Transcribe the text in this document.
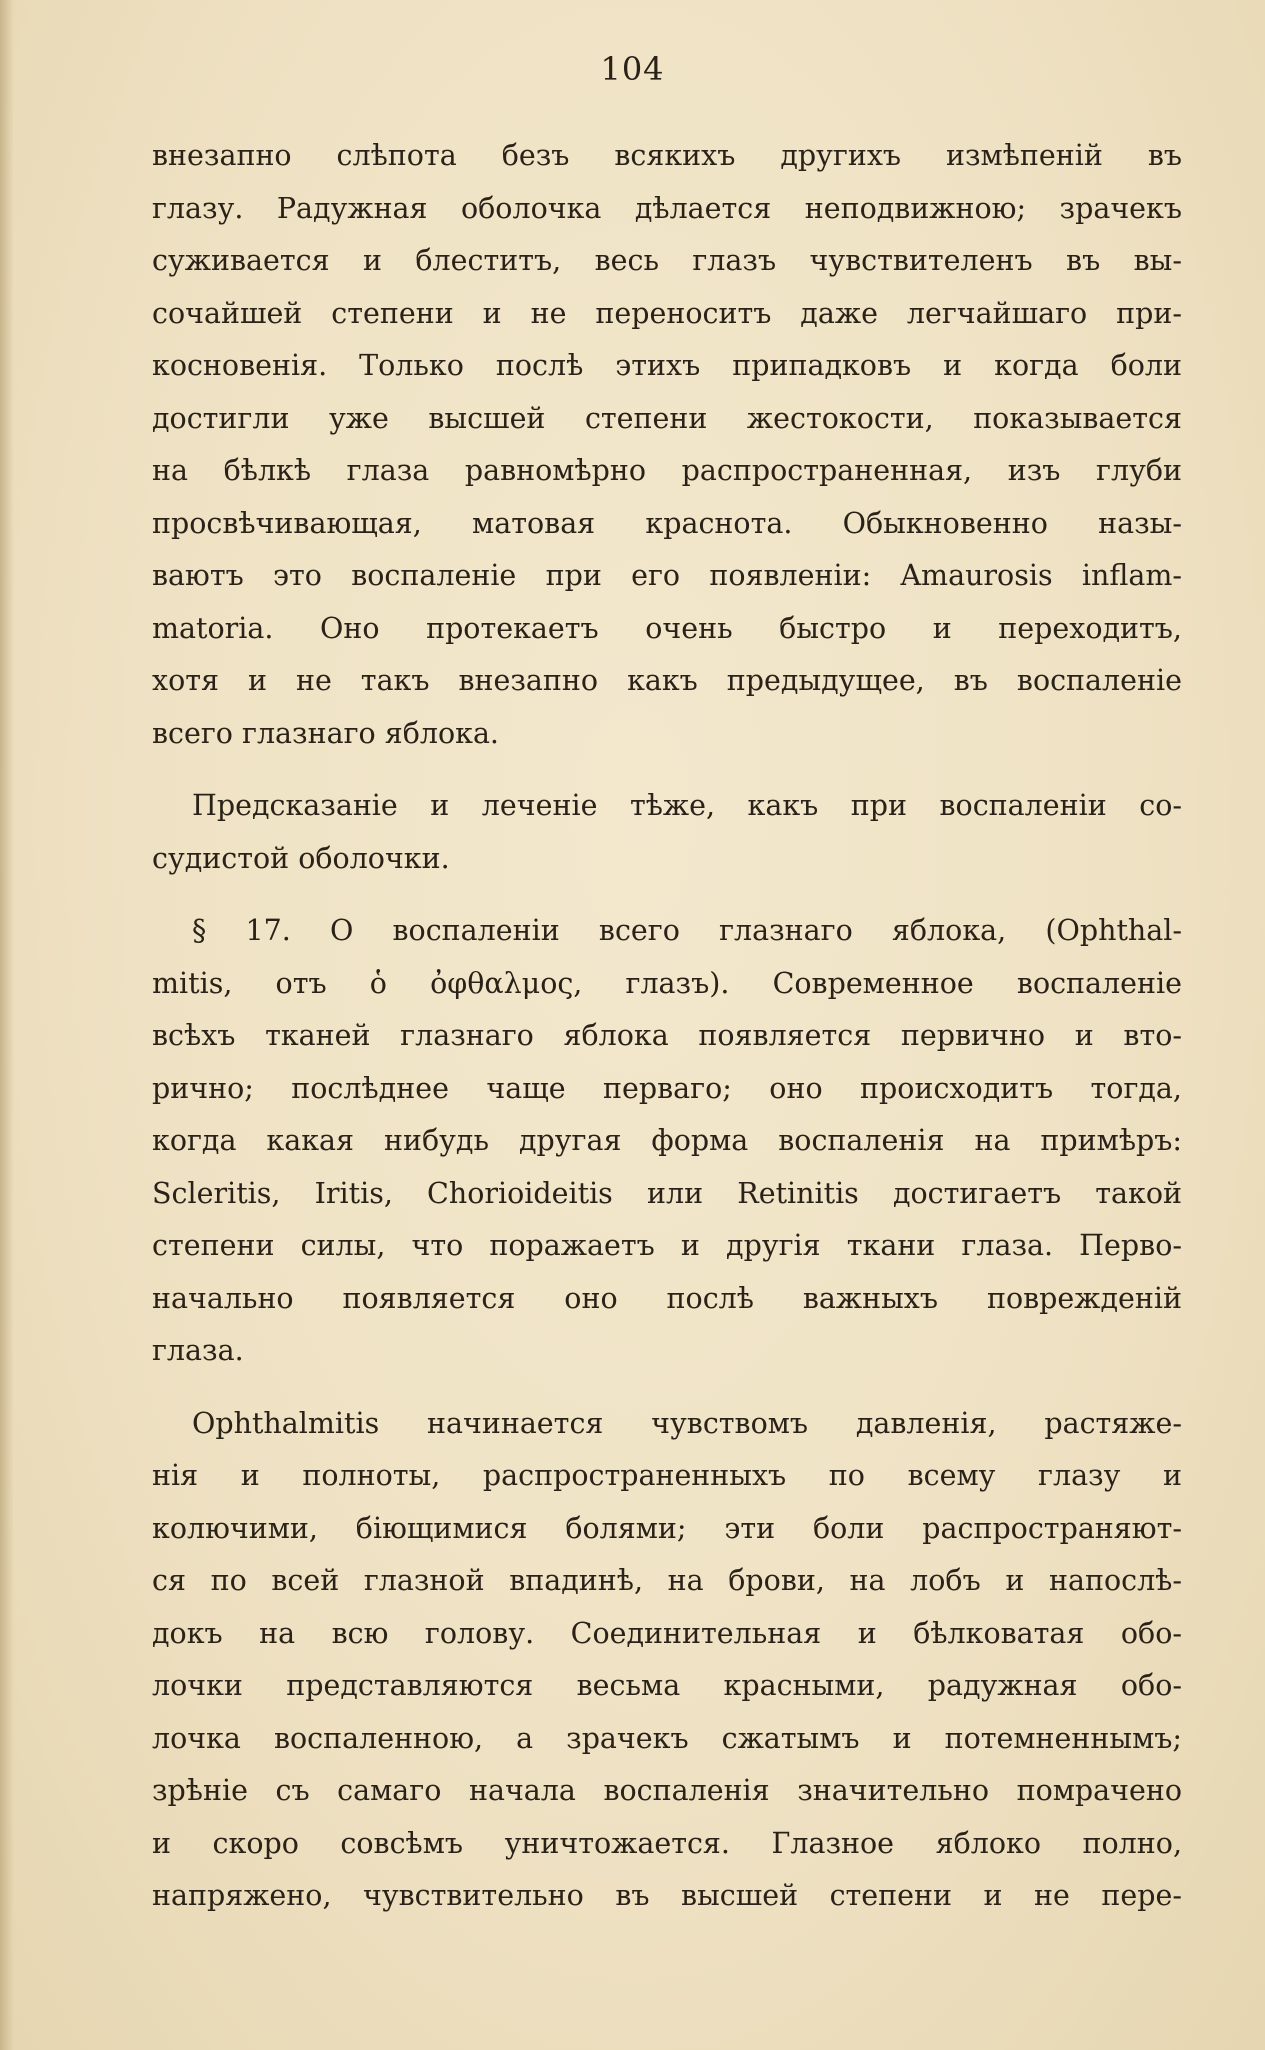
104
внезапно слѣпота безъ всякихъ другихъ измѣпеній въ
глазу. Радужная оболочка дѣлается неподвижною; зрачекъ
суживается и блеститъ, весь глазъ чувствителенъ въ вы-
сочайшей степени и не переноситъ даже легчайшаго при-
косновенія. Только послѣ этихъ припадковъ и когда боли
достигли уже высшей степени жестокости, показывается
на бѣлкѣ глаза равномѣрно распространенная, изъ глуби
просвѣчивающая, матовая краснота. Обыкновенно назы-
ваютъ это воспаленіе при его появленіи: Amaurosis inflam-
matoria. Оно протекаетъ очень быстро и переходитъ,
хотя и не такъ внезапно какъ предыдущее, въ воспаленіе
всего глазнаго яблока.
Предсказаніе и леченіе тѣже, какъ при воспаленіи со-
судистой оболочки.
§ 17. О воспаленіи всего глазнаго яблока, (Ophthal-
mitis, отъ ὁ ὀφθαλμος, глазъ). Современное воспаленіе
всѣхъ тканей глазнаго яблока появляется первично и вто-
рично; послѣднее чаще перваго; оно происходитъ тогда,
когда какая нибудь другая форма воспаленія на примѣръ:
Scleritis, Iritis, Chorioideitis или Retinitis достигаетъ такой
степени силы, что поражаетъ и другія ткани глаза. Перво-
начально появляется оно послѣ важныхъ поврежденій
глаза.
Ophthalmitis начинается чувствомъ давленія, растяже-
нія и полноты, распространенныхъ по всему глазу и
колючими, біющимися болями; эти боли распространяют-
ся по всей глазной впадинѣ, на брови, на лобъ и напослѣ-
докъ на всю голову. Соединительная и бѣлковатая обо-
лочки представляются весьма красными, радужная обо-
лочка воспаленною, а зрачекъ сжатымъ и потемненнымъ;
зрѣніе съ самаго начала воспаленія значительно помрачено
и скоро совсѣмъ уничтожается. Глазное яблоко полно,
напряжено, чувствительно въ высшей степени и не пере-
